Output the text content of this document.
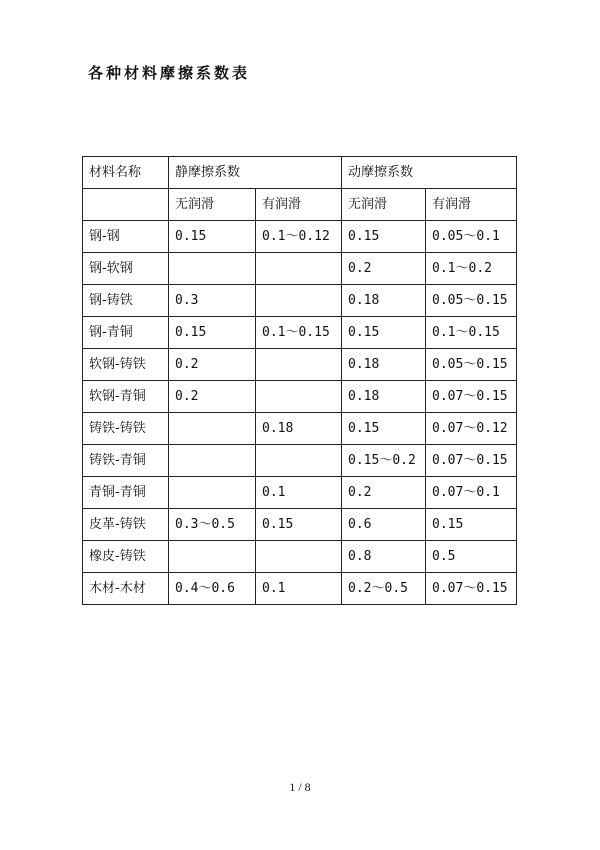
各种材料摩擦系数表
材料名称	静摩擦系数		动摩擦系数	
	无润滑	有润滑	无润滑	有润滑
钢-钢	0.15	0.1～0.12	0.15	0.05～0.1
钢-软钢			0.2	0.1～0.2
钢-铸铁	0.3		0.18	0.05～0.15
钢-青铜	0.15	0.1～0.15	0.15	0.1～0.15
软钢-铸铁	0.2		0.18	0.05～0.15
软钢-青铜	0.2		0.18	0.07～0.15
铸铁-铸铁		0.18	0.15	0.07～0.12
铸铁-青铜			0.15～0.2	0.07～0.15
青铜-青铜		0.1	0.2	0.07～0.1
皮革-铸铁	0.3～0.5	0.15	0.6	0.15
橡皮-铸铁			0.8	0.5
木材-木材	0.4～0.6	0.1	0.2～0.5	0.07～0.15
1 / 8
